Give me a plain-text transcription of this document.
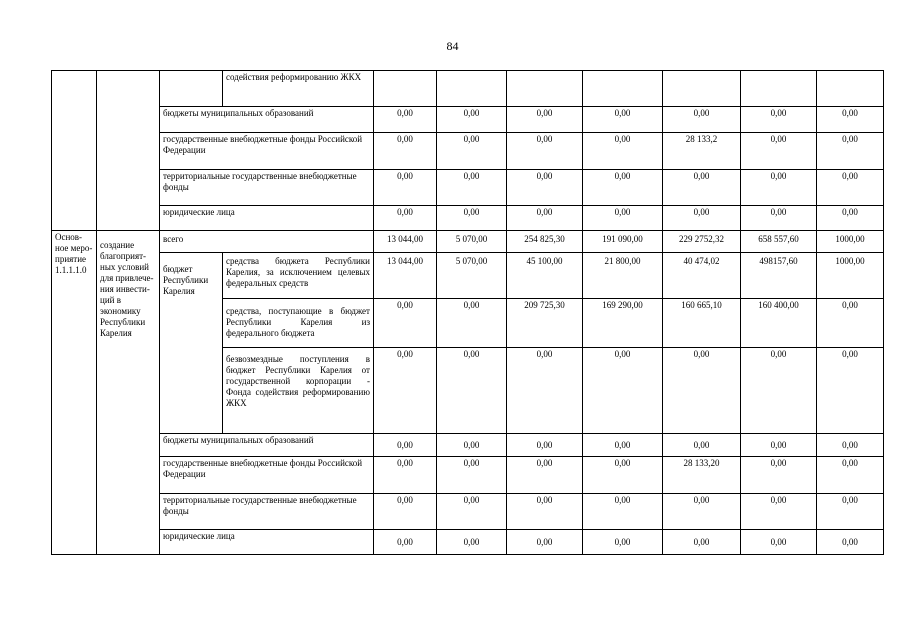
84
			содействия реформированию ЖКХ							
		бюджеты муниципальных образований		0,00	0,00	0,00	0,00	0,00	0,00	0,00
		государственные внебюджетные фонды Российской Федерации		0,00	0,00	0,00	0,00	28 133,2	0,00	0,00
		территориальные государственные внебюджетные фонды		0,00	0,00	0,00	0,00	0,00	0,00	0,00
		юридические лица		0,00	0,00	0,00	0,00	0,00	0,00	0,00
Основ-ное меро-приятие 1.1.1.1.0	создание благоприят-ных условий для привлече-ния инвести-ций в экономику Республики Карелия	всего		13 044,00	5 070,00	254 825,30	191 090,00	229 2752,32	658 557,60	1000,00
		бюджет Республики Карелия	средства бюджета Республики Карелия, за исключением целевых федеральных средств	13 044,00	5 070,00	45 100,00	21 800,00	40 474,02	498157,60	1000,00
			средства, поступающие в бюджет Республики Карелия из федерального бюджета	0,00	0,00	209 725,30	169 290,00	160 665,10	160 400,00	0,00
			безвозмездные поступления в бюджет Республики Карелия от государственной корпорации - Фонда содействия реформированию ЖКХ	0,00	0,00	0,00	0,00	0,00	0,00	0,00
		бюджеты муниципальных образований		0,00	0,00	0,00	0,00	0,00	0,00	0,00
		государственные внебюджетные фонды Российской Федерации		0,00	0,00	0,00	0,00	28 133,20	0,00	0,00
		территориальные государственные внебюджетные фонды		0,00	0,00	0,00	0,00	0,00	0,00	0,00
		юридические лица		0,00	0,00	0,00	0,00	0,00	0,00	0,00
